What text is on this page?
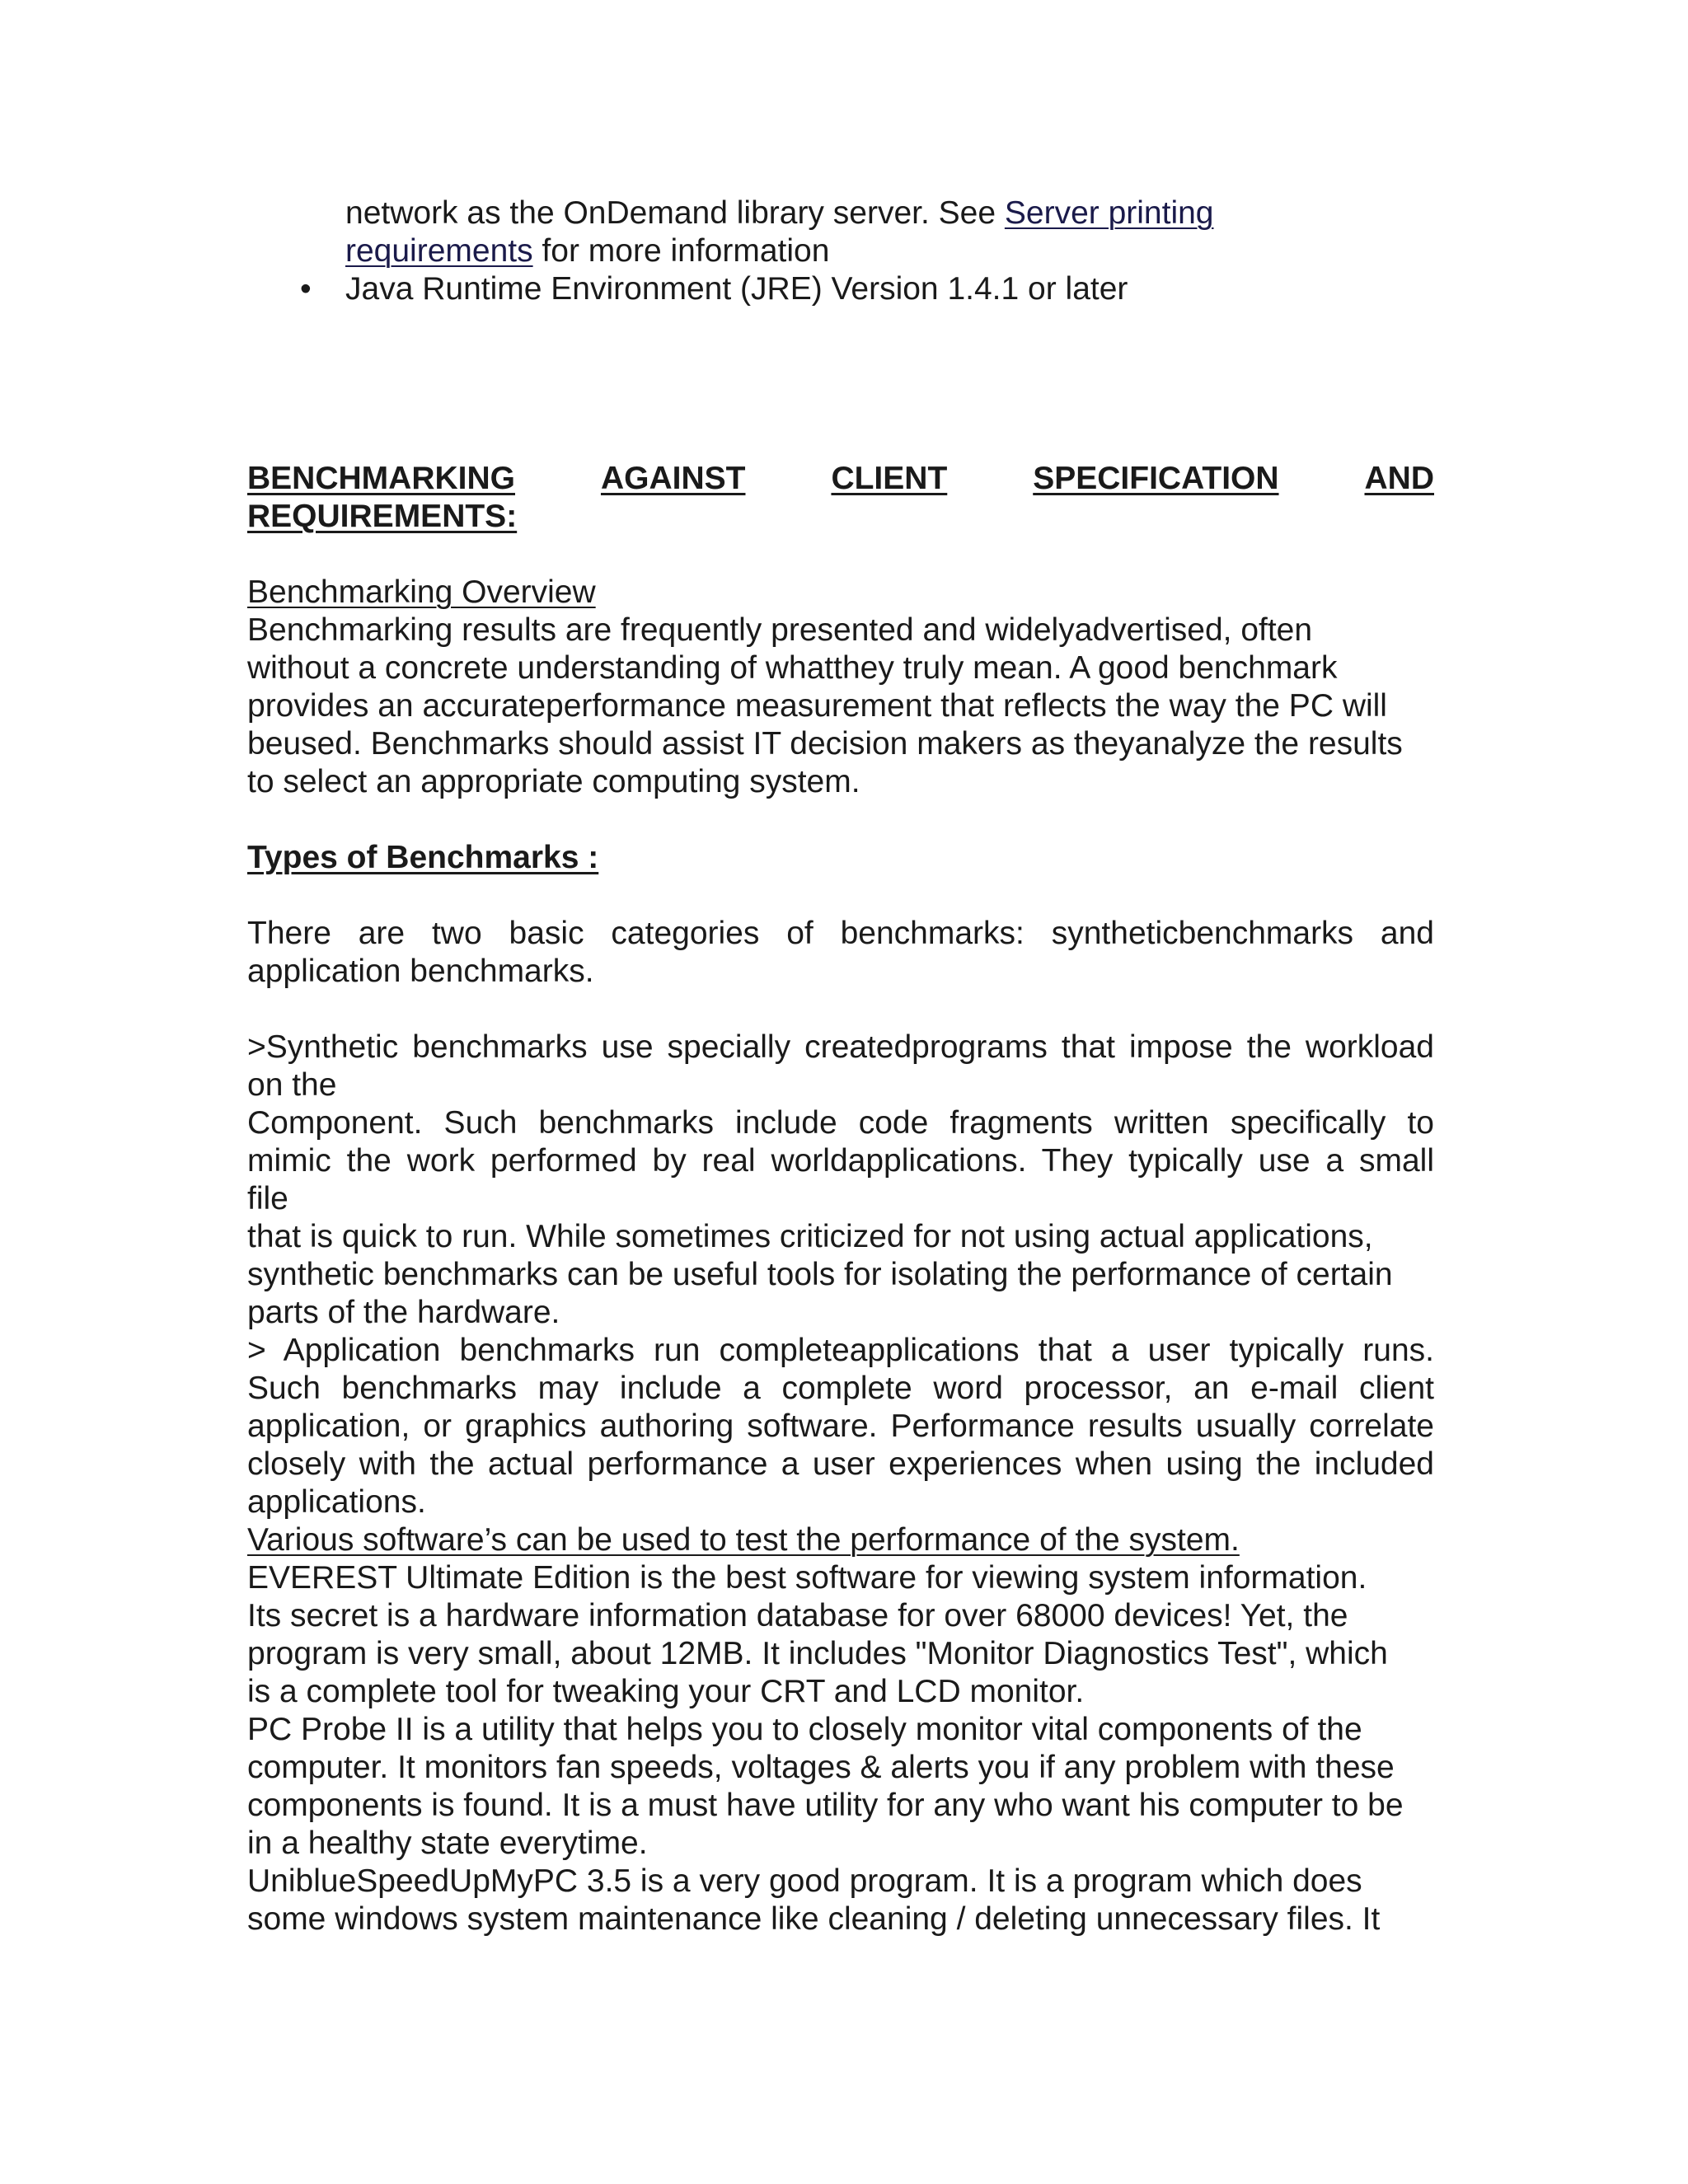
network as the OnDemand library server. See Server printing
requirements for more information
• Java Runtime Environment (JRE) Version 1.4.1 or later
BENCHMARKING	AGAINST	CLIENT	SPECIFICATION	AND
REQUIREMENTS:
Benchmarking Overview
Benchmarking results are frequently presented and widelyadvertised, often
without a concrete understanding of whatthey truly mean. A good benchmark
provides an accurateperformance measurement that reflects the way the PC will
beused. Benchmarks should assist IT decision makers as theyanalyze the results
to select an appropriate computing system.
Types of Benchmarks :
There are two basic categories of benchmarks: syntheticbenchmarks and
application benchmarks.
>Synthetic benchmarks use specially createdprograms that impose the workload
on the
Component. Such benchmarks include code fragments written specifically to
mimic the work performed by real worldapplications. They typically use a small
file
that is quick to run. While sometimes criticized for not using actual applications,
synthetic benchmarks can be useful tools for isolating the performance of certain
parts of the hardware.
> Application benchmarks run completeapplications that a user typically runs.
Such benchmarks may include a complete word processor, an e-mail client
application, or graphics authoring software. Performance results usually correlate
closely with the actual performance a user experiences when using the included
applications.
Various software’s can be used to test the performance of the system.
EVEREST Ultimate Edition is the best software for viewing system information.
Its secret is a hardware information database for over 68000 devices! Yet, the
program is very small, about 12MB. It includes "Monitor Diagnostics Test", which
is a complete tool for tweaking your CRT and LCD monitor.
PC Probe II is a utility that helps you to closely monitor vital components of the
computer. It monitors fan speeds, voltages & alerts you if any problem with these
components is found. It is a must have utility for any who want his computer to be
in a healthy state everytime.
UniblueSpeedUpMyPC 3.5 is a very good program. It is a program which does
some windows system maintenance like cleaning / deleting unnecessary files. It
